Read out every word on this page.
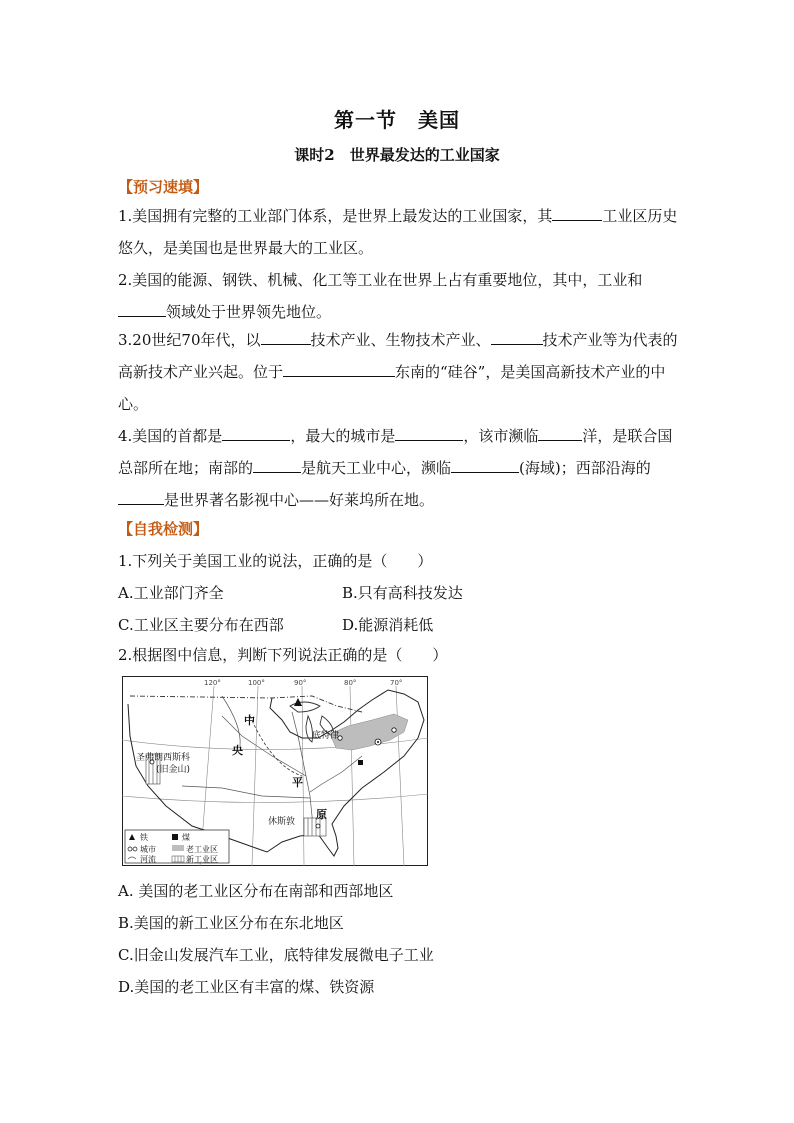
第一节　美国
课时2　世界最发达的工业国家
【预习速填】
1.美国拥有完整的工业部门体系，是世界上最发达的工业国家，其	工业区历史悠久，是美国也是世界最大的工业区。
2.美国的能源、钢铁、机械、化工等工业在世界上占有重要地位，其中，工业和领域处于世界领先地位。
3.20世纪70年代，以	技术产业、生物技术产业、	技术产业等为代表的高新技术产业兴起。位于	东南的“硅谷”，是美国高新技术产业的中心。
4.美国的首都是	，最大的城市是	，该市濒临	洋，是联合国总部所在地；南部的	是航天工业中心，濒临	(海域)；西部沿海的是世界著名影视中心——好莱坞所在地。
【自我检测】
1.下列关于美国工业的说法，正确的是（　　）
A.工业部门齐全	B.只有高科技发达
C.工业区主要分布在西部	D.能源消耗低
2.根据图中信息，判断下列说法正确的是（　　）
120°	100°	90°	80°	70°
中
央
平
原
圣弗朗西斯科
(旧金山)
底特律
休斯敦
铁	煤
城市	老工业区
河流	新工业区
A. 美国的老工业区分布在南部和西部地区
B.美国的新工业区分布在东北地区
C.旧金山发展汽车工业，底特律发展微电子工业
D.美国的老工业区有丰富的煤、铁资源
